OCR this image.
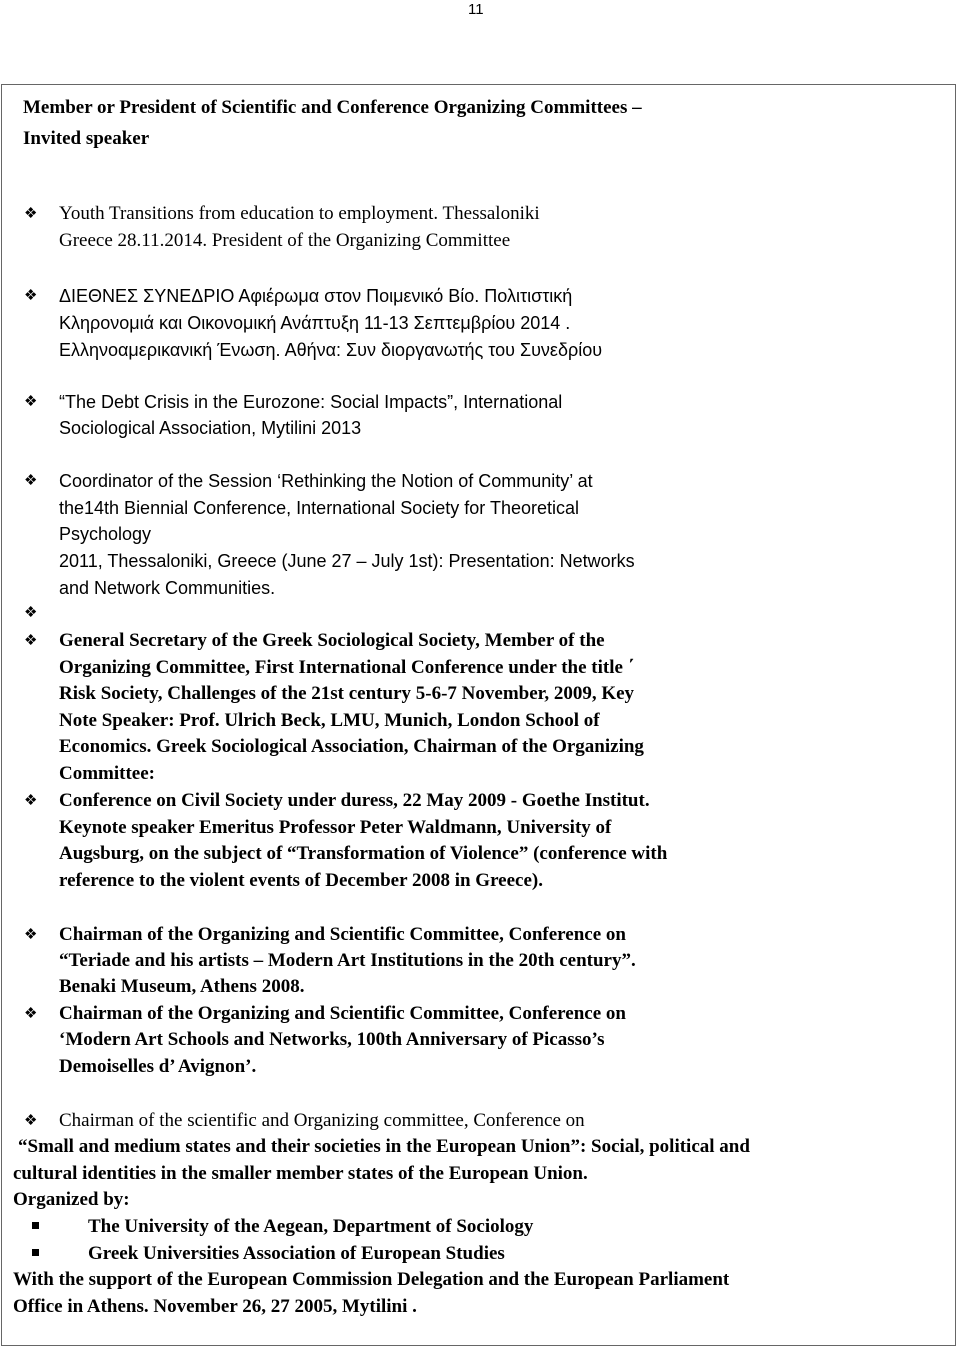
11
Member or President of Scientific and Conference Organizing Committees –
Invited speaker
❖ Youth Transitions from education to employment. Thessaloniki
Greece 28.11.2014. President of the Organizing Committee
❖ ΔΙΕΘΝΕΣ ΣΥΝΕΔΡΙΟ Αφιέρωμα στον Ποιμενικό Βίο. Πολιτιστική
Κληρονομιά και Οικονομική Ανάπτυξη 11-13 Σεπτεμβρίου 2014 .
Ελληνοαμερικανική Ένωση. Αθήνα: Συν διοργανωτής του Συνεδρίου
❖ “The Debt Crisis in the Eurozone: Social Impacts”, International
Sociological Association, Mytilini 2013
❖ Coordinator of the Session ‘Rethinking the Notion of Community’ at
the14th Biennial Conference, International Society for Theoretical
Psychology
2011, Thessaloniki, Greece (June 27 – July 1st): Presentation: Networks
and Network Communities.
❖
❖ General Secretary of the Greek Sociological Society, Member of the
Organizing Committee, First International Conference under the title ΄
Risk Society, Challenges of the 21st century 5-6-7 November, 2009, Key
Note Speaker: Prof. Ulrich Beck, LMU, Munich, London School of
Economics. Greek Sociological Association, Chairman of the Organizing
Committee:
❖ Conference on Civil Society under duress, 22 May 2009 - Goethe Institut.
Keynote speaker Emeritus Professor Peter Waldmann, University of
Augsburg, on the subject of “Transformation of Violence” (conference with
reference to the violent events of December 2008 in Greece).
❖ Chairman of the Organizing and Scientific Committee, Conference on
“Teriade and his artists – Modern Art Institutions in the 20th century”.
Benaki Museum, Athens 2008.
❖ Chairman of the Organizing and Scientific Committee, Conference on
‘Modern Art Schools and Networks, 100th Anniversary of Picasso’s
Demoiselles d’ Avignon’.
❖ Chairman of the scientific and Organizing committee, Conference on
“Small and medium states and their societies in the European Union”: Social, political and
cultural identities in the smaller member states of the European Union.
Organized by:
The University of the Aegean, Department of Sociology
Greek Universities Association of European Studies
With the support of the European Commission Delegation and the European Parliament
Office in Athens. November 26, 27 2005, Mytilini .
